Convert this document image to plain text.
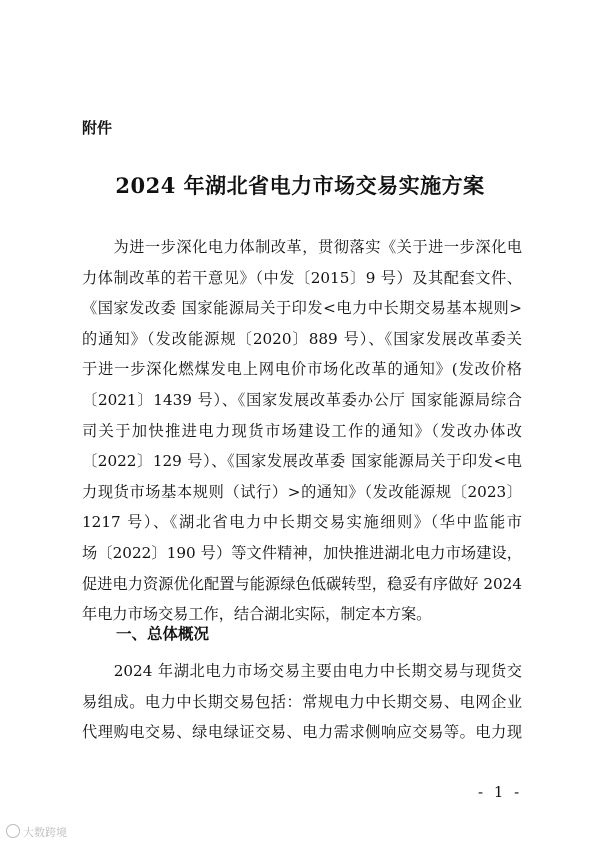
附件
2024 年湖北省电力市场交易实施方案
　　为进一步深化电力体制改革，贯彻落实《关于进一步深化电
力体制改革的若干意见》（中发〔2015〕9 号）及其配套文件、
《国家发改委 国家能源局关于印发<电力中长期交易基本规则>
的通知》（发改能源规〔2020〕889 号）、《国家发展改革委关
于进一步深化燃煤发电上网电价市场化改革的通知》(发改价格
〔2021〕1439 号）、《国家发展改革委办公厅 国家能源局综合
司关于加快推进电力现货市场建设工作的通知》（发改办体改
〔2022〕129 号）、《国家发展改革委 国家能源局关于印发<电
力现货市场基本规则（试行）>的通知》（发改能源规〔2023〕
1217 号）、《湖北省电力中长期交易实施细则》（华中监能市
场〔2022〕190 号）等文件精神，加快推进湖北电力市场建设，
促进电力资源优化配置与能源绿色低碳转型，稳妥有序做好 2024
年电力市场交易工作，结合湖北实际，制定本方案。
一、总体概况
　　2024 年湖北电力市场交易主要由电力中长期交易与现货交
易组成。电力中长期交易包括：常规电力中长期交易、电网企业
代理购电交易、绿电绿证交易、电力需求侧响应交易等。电力现
- 1 -
大数跨境
